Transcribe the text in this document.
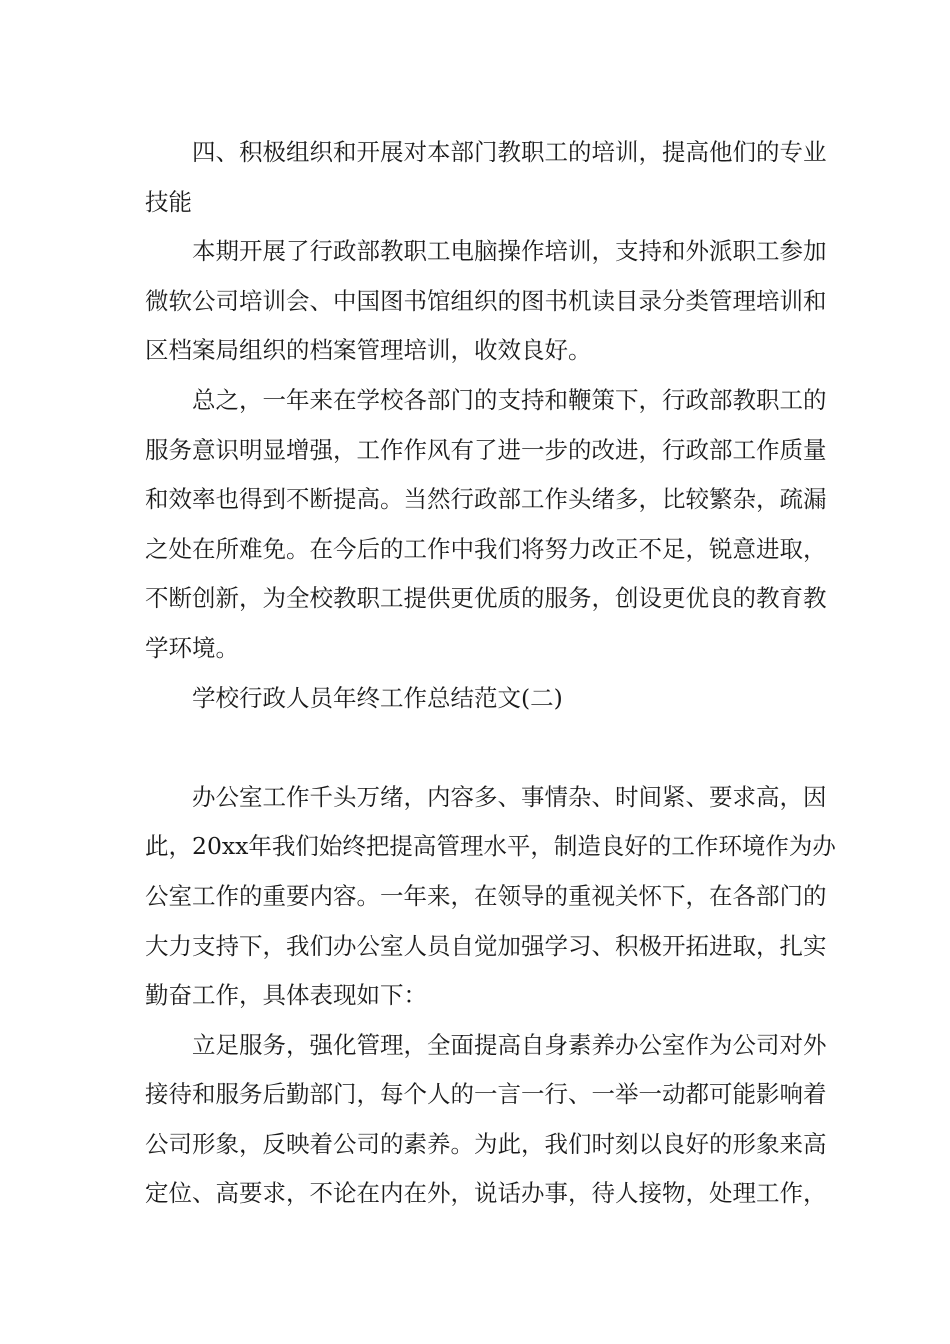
四、积极组织和开展对本部门教职工的培训，提高他们的专业
技能
本期开展了行政部教职工电脑操作培训，支持和外派职工参加
微软公司培训会、中国图书馆组织的图书机读目录分类管理培训和
区档案局组织的档案管理培训，收效良好。
总之，一年来在学校各部门的支持和鞭策下，行政部教职工的
服务意识明显增强，工作作风有了进一步的改进，行政部工作质量
和效率也得到不断提高。当然行政部工作头绪多，比较繁杂，疏漏
之处在所难免。在今后的工作中我们将努力改正不足，锐意进取，
不断创新，为全校教职工提供更优质的服务，创设更优良的教育教
学环境。
学校行政人员年终工作总结范文(二)
办公室工作千头万绪，内容多、事情杂、时间紧、要求高，因
此，20xx年我们始终把提高管理水平，制造良好的工作环境作为办
公室工作的重要内容。一年来，在领导的重视关怀下，在各部门的
大力支持下，我们办公室人员自觉加强学习、积极开拓进取，扎实
勤奋工作，具体表现如下：
立足服务，强化管理，全面提高自身素养办公室作为公司对外
接待和服务后勤部门，每个人的一言一行、一举一动都可能影响着
公司形象，反映着公司的素养。为此，我们时刻以良好的形象来高
定位、高要求，不论在内在外，说话办事，待人接物，处理工作，
